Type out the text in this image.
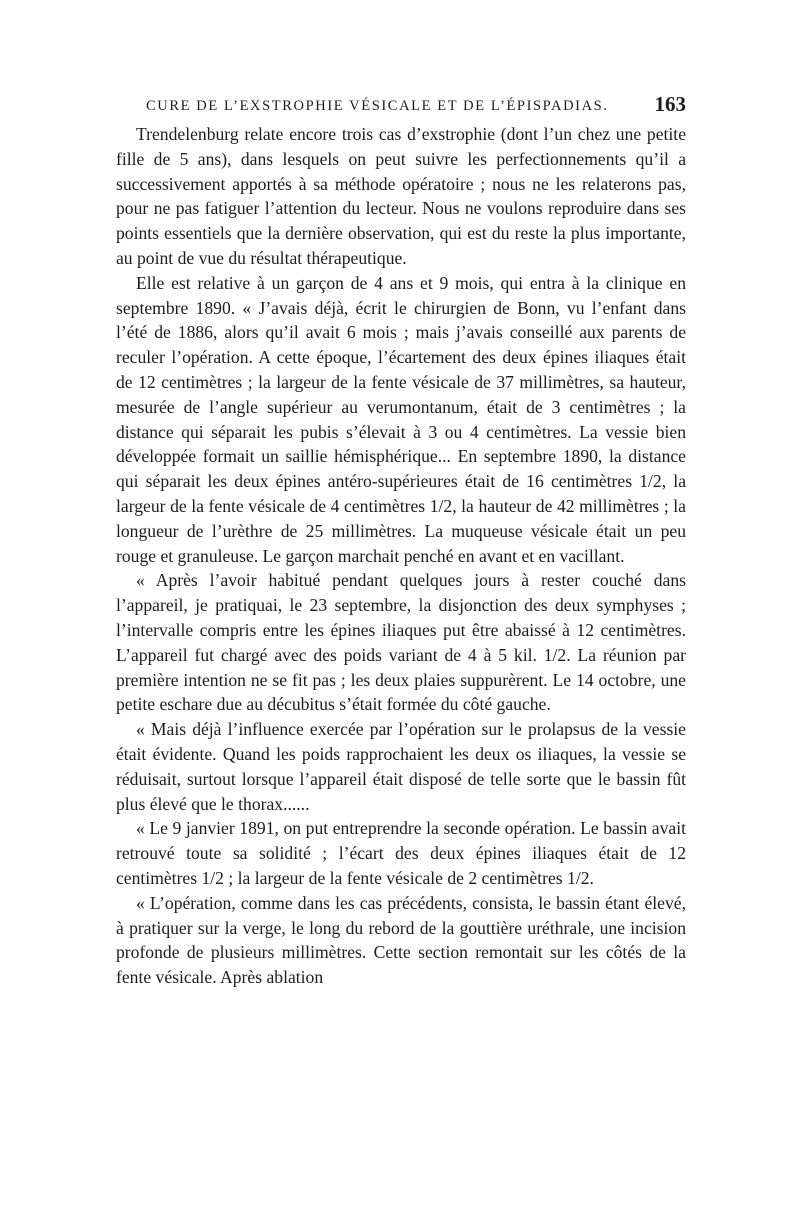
CURE DE L’EXSTROPHIE VÉSICALE ET DE L’ÉPISPADIAS. 163

Trendelenburg relate encore trois cas d’exstrophie (dont l’un chez une petite fille de 5 ans), dans lesquels on peut suivre les perfectionnements qu’il a successivement apportés à sa méthode opératoire ; nous ne les relaterons pas, pour ne pas fatiguer l’attention du lecteur. Nous ne voulons reproduire dans ses points essentiels que la dernière observation, qui est du reste la plus importante, au point de vue du résultat thérapeutique.

Elle est relative à un garçon de 4 ans et 9 mois, qui entra à la clinique en septembre 1890. « J’avais déjà, écrit le chirurgien de Bonn, vu l’enfant dans l’été de 1886, alors qu’il avait 6 mois ; mais j’avais conseillé aux parents de reculer l’opération. A cette époque, l’écartement des deux épines iliaques était de 12 centimètres ; la largeur de la fente vésicale de 37 millimètres, sa hauteur, mesurée de l’angle supérieur au verumontanum, était de 3 centimètres ; la distance qui séparait les pubis s’élevait à 3 ou 4 centimètres. La vessie bien développée formait un saillie hémisphérique... En septembre 1890, la distance qui séparait les deux épines antéro-supérieures était de 16 centimètres 1/2, la largeur de la fente vésicale de 4 centimètres 1/2, la hauteur de 42 millimètres ; la longueur de l’urèthre de 25 millimètres. La muqueuse vésicale était un peu rouge et granuleuse. Le garçon marchait penché en avant et en vacillant.

« Après l’avoir habitué pendant quelques jours à rester couché dans l’appareil, je pratiquai, le 23 septembre, la disjonction des deux symphyses ; l’intervalle compris entre les épines iliaques put être abaissé à 12 centimètres. L’appareil fut chargé avec des poids variant de 4 à 5 kil. 1/2. La réunion par première intention ne se fit pas ; les deux plaies suppurèrent. Le 14 octobre, une petite eschare due au décubitus s’était formée du côté gauche.

« Mais déjà l’influence exercée par l’opération sur le prolapsus de la vessie était évidente. Quand les poids rapprochaient les deux os iliaques, la vessie se réduisait, surtout lorsque l’appareil était disposé de telle sorte que le bassin fût plus élevé que le thorax......

« Le 9 janvier 1891, on put entreprendre la seconde opération. Le bassin avait retrouvé toute sa solidité ; l’écart des deux épines iliaques était de 12 centimètres 1/2 ; la largeur de la fente vésicale de 2 centimètres 1/2.

« L’opération, comme dans les cas précédents, consista, le bassin étant élevé, à pratiquer sur la verge, le long du rebord de la gouttière uréthrale, une incision profonde de plusieurs millimètres. Cette section remontait sur les côtés de la fente vésicale. Après ablation
